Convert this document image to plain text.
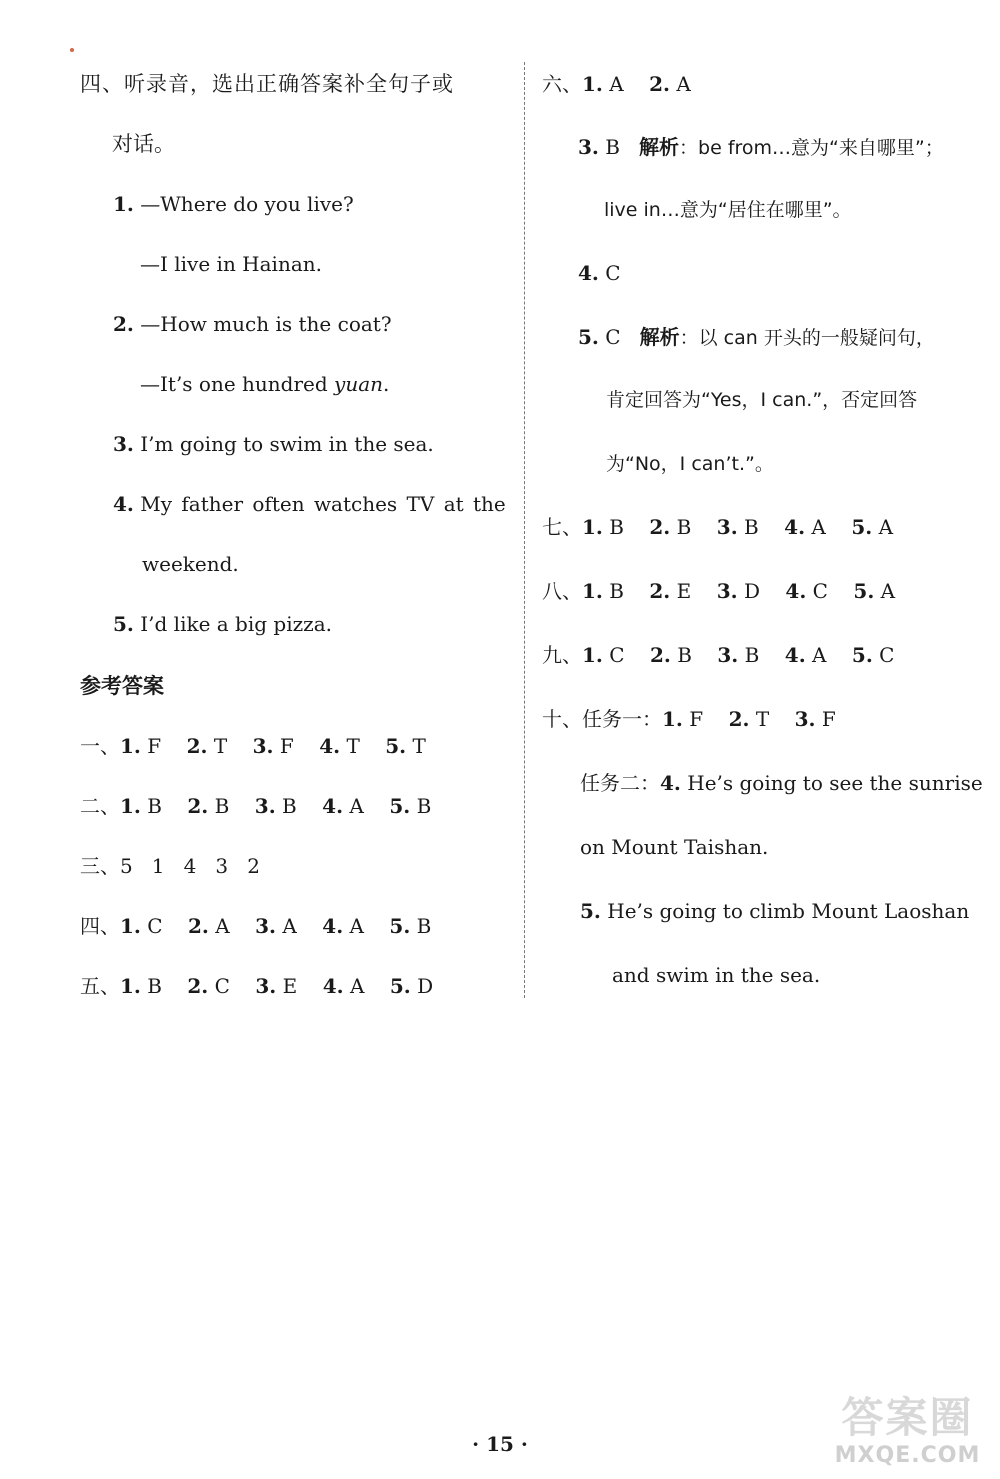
四、听录音，选出正确答案补全句子或
对话。
1. —Where do you live?
—I live in Hainan.
2. —How much is the coat?
—It’s one hundred yuan.
3. I’m going to swim in the sea.
4. My father often watches TV at the
weekend.
5. I’d like a big pizza.
参考答案
一、1. F 2. T 3. F 4. T 5. T
二、1. B 2. B 3. B 4. A 5. B
三、5   1   4   3   2
四、1. C 2. A 3. A 4. A 5. B
五、1. B 2. C 3. E 4. A 5. D
六、1. A 2. A
3. B 解析：be from…意为“来自哪里”；
live in…意为“居住在哪里”。
4. C
5. C 解析：以 can 开头的一般疑问句，
肯定回答为“Yes，I can.”，否定回答
为“No，I can’t.”。
七、1. B 2. B 3. B 4. A 5. A
八、1. B 2. E 3. D 4. C 5. A
九、1. C 2. B 3. B 4. A 5. C
十、任务一：1. F 2. T 3. F
任务二：4. He’s going to see the sunrise
on Mount Taishan.
5. He’s going to climb Mount Laoshan
and swim in the sea.
· 15 ·
答案圈
MXQE.COM
